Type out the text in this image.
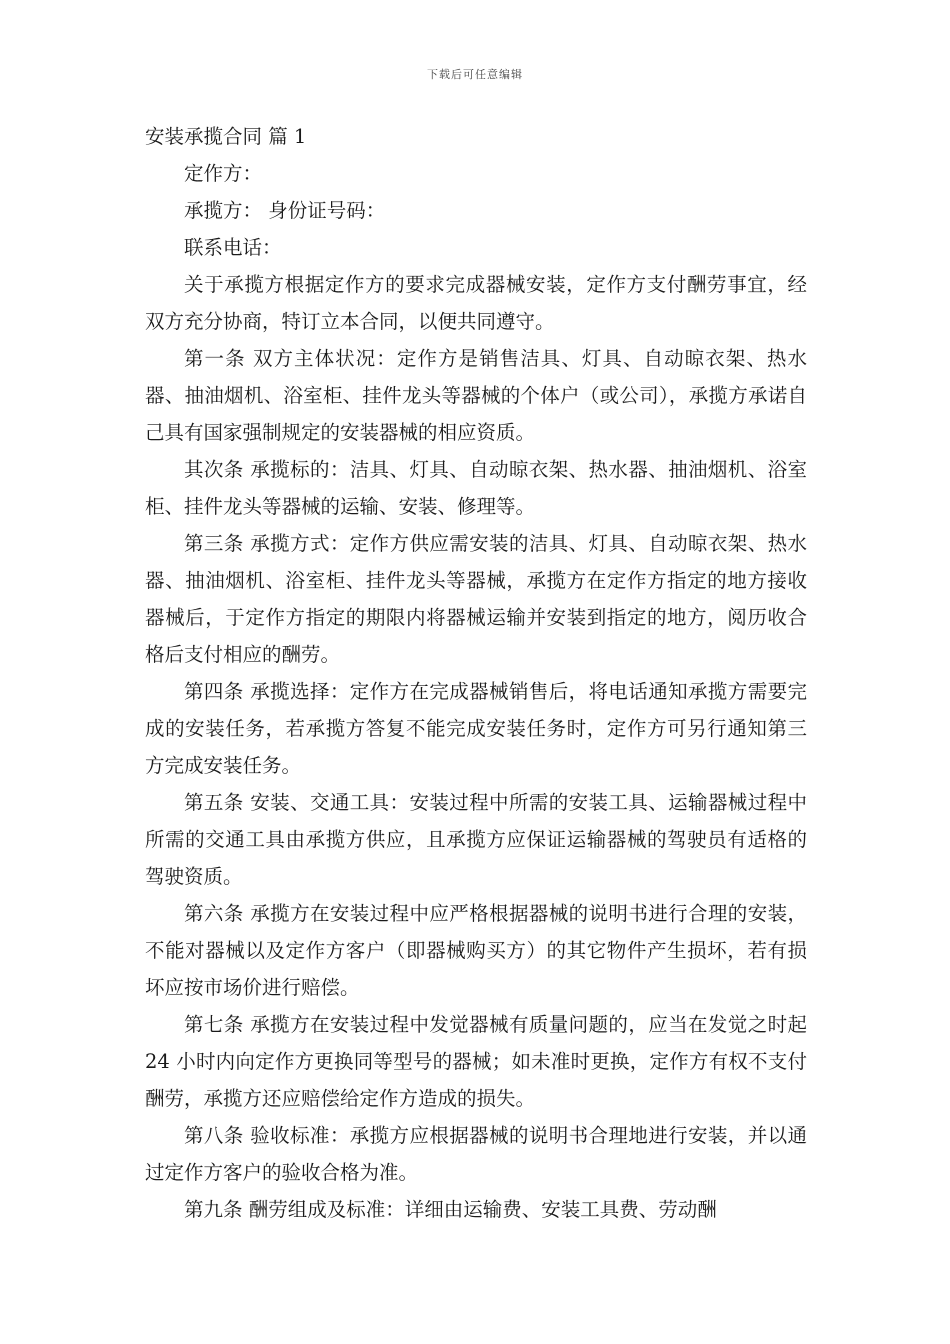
下载后可任意编辑
安装承揽合同 篇 1

定作方：

承揽方： 身份证号码：

联系电话：

关于承揽方根据定作方的要求完成器械安装，定作方支付酬劳事宜，经双方充分协商，特订立本合同，以便共同遵守。

第一条 双方主体状况：定作方是销售洁具、灯具、自动晾衣架、热水器、抽油烟机、浴室柜、挂件龙头等器械的个体户（或公司），承揽方承诺自己具有国家强制规定的安装器械的相应资质。

其次条 承揽标的：洁具、灯具、自动晾衣架、热水器、抽油烟机、浴室柜、挂件龙头等器械的运输、安装、修理等。

第三条 承揽方式：定作方供应需安装的洁具、灯具、自动晾衣架、热水器、抽油烟机、浴室柜、挂件龙头等器械，承揽方在定作方指定的地方接收器械后，于定作方指定的期限内将器械运输并安装到指定的地方，阅历收合格后支付相应的酬劳。

第四条 承揽选择：定作方在完成器械销售后，将电话通知承揽方需要完成的安装任务，若承揽方答复不能完成安装任务时，定作方可另行通知第三方完成安装任务。

第五条 安装、交通工具：安装过程中所需的安装工具、运输器械过程中所需的交通工具由承揽方供应，且承揽方应保证运输器械的驾驶员有适格的驾驶资质。

第六条 承揽方在安装过程中应严格根据器械的说明书进行合理的安装，不能对器械以及定作方客户（即器械购买方）的其它物件产生损坏，若有损坏应按市场价进行赔偿。

第七条 承揽方在安装过程中发觉器械有质量问题的，应当在发觉之时起 24 小时内向定作方更换同等型号的器械；如未准时更换，定作方有权不支付酬劳，承揽方还应赔偿给定作方造成的损失。

第八条 验收标准：承揽方应根据器械的说明书合理地进行安装，并以通过定作方客户的验收合格为准。

第九条 酬劳组成及标准：详细由运输费、安装工具费、劳动酬
